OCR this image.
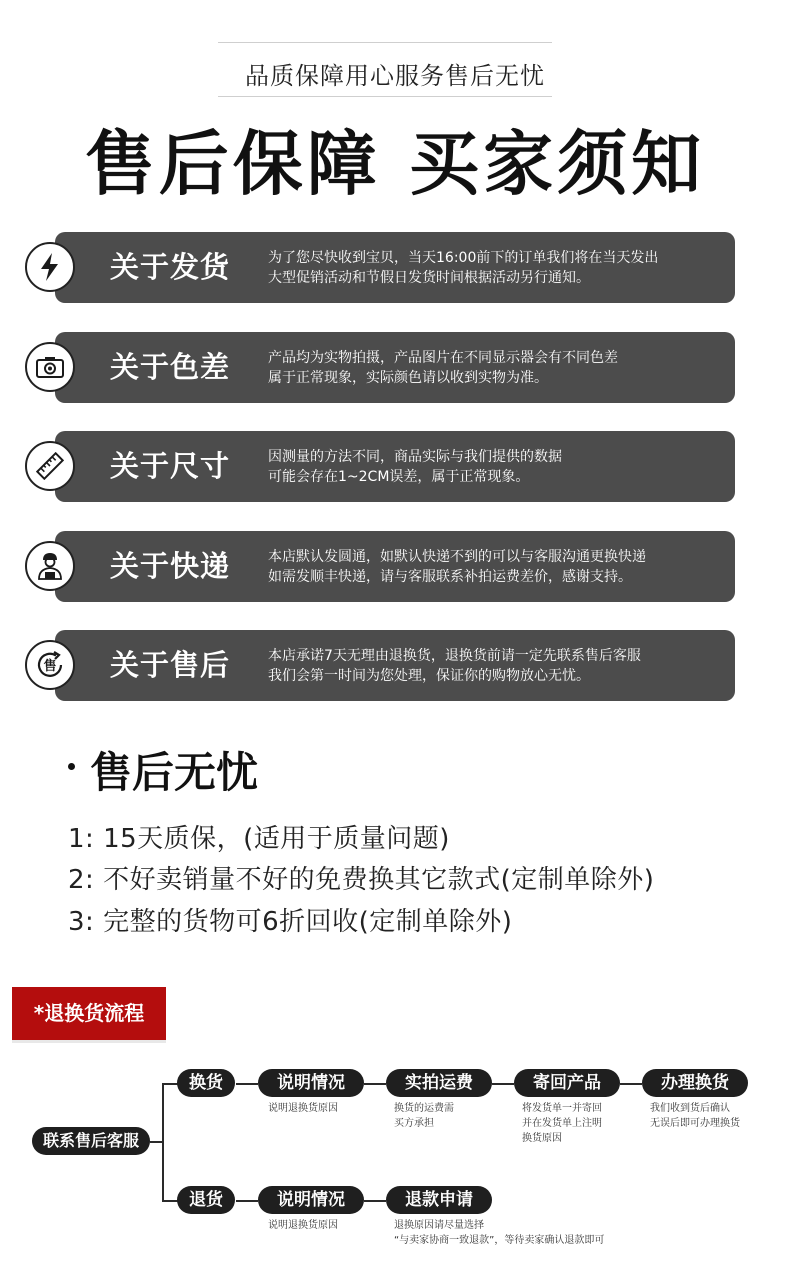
品质保障用心服务售后无忧
售后保障 买家须知
关于发货	为了您尽快收到宝贝，当天16:00前下的订单我们将在当天发出
大型促销活动和节假日发货时间根据活动另行通知。
关于色差	产品均为实物拍摄，产品图片在不同显示器会有不同色差
属于正常现象，实际颜色请以收到实物为准。
关于尺寸	因测量的方法不同，商品实际与我们提供的数据
可能会存在1~2CM误差，属于正常现象。
关于快递	本店默认发圆通，如默认快递不到的可以与客服沟通更换快递
如需发顺丰快递，请与客服联系补拍运费差价，感谢支持。
关于售后	本店承诺7天无理由退换货，退换货前请一定先联系售后客服
我们会第一时间为您处理，保证你的购物放心无忧。
售
售后无忧
1: 15天质保，(适用于质量问题)
2: 不好卖销量不好的免费换其它款式(定制单除外)
3: 完整的货物可6折回收(定制单除外)
*退换货流程
联系售后客服
换货	说明情况	实拍运费	寄回产品	办理换货
说明退换货原因	换货的运费需
买方承担
将发货单一并寄回
并在发货单上注明
换货原因
我们收到货后确认
无误后即可办理换货
退货	说明情况	退款申请
说明退换货原因	退换原因请尽量选择
“与卖家协商一致退款”，等待卖家确认退款即可
